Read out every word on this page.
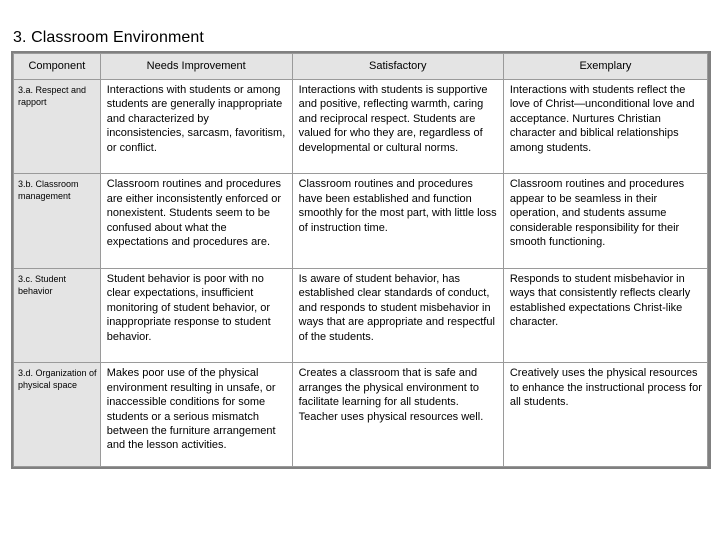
3. Classroom Environment
Component	Needs Improvement	Satisfactory	Exemplary
3.a. Respect and rapport	Interactions with students or among students are generally inappropriate and characterized by inconsistencies, sarcasm, favoritism, or conflict.	Interactions with students is supportive and positive, reflecting warmth, caring and reciprocal respect. Students are valued for who they are, regardless of developmental or cultural norms.	Interactions with students reflect the love of Christ—unconditional love and acceptance. Nurtures Christian character and biblical relationships among students.
3.b. Classroom management	Classroom routines and procedures are either inconsistently enforced or nonexistent. Students seem to be confused about what the expectations and procedures are.	Classroom routines and procedures have been established and function smoothly for the most part, with little loss of instruction time.	Classroom routines and procedures appear to be seamless in their operation, and students assume considerable responsibility for their smooth functioning.
3.c. Student behavior	Student behavior is poor with no clear expectations, insufficient monitoring of student behavior, or inappropriate response to student behavior.	Is aware of student behavior, has established clear standards of conduct, and responds to student misbehavior in ways that are appropriate and respectful of the students.	Responds to student misbehavior in ways that consistently reflects clearly established expectations Christ-like character.
3.d. Organization of physical space	Makes poor use of the physical environment resulting in unsafe, or inaccessible conditions for some students or a serious mismatch between the furniture arrangement and the lesson activities.	Creates a classroom that is safe and arranges the physical environment to facilitate learning for all students. Teacher uses physical resources well.	Creatively uses the physical resources to enhance the instructional process for all students.
